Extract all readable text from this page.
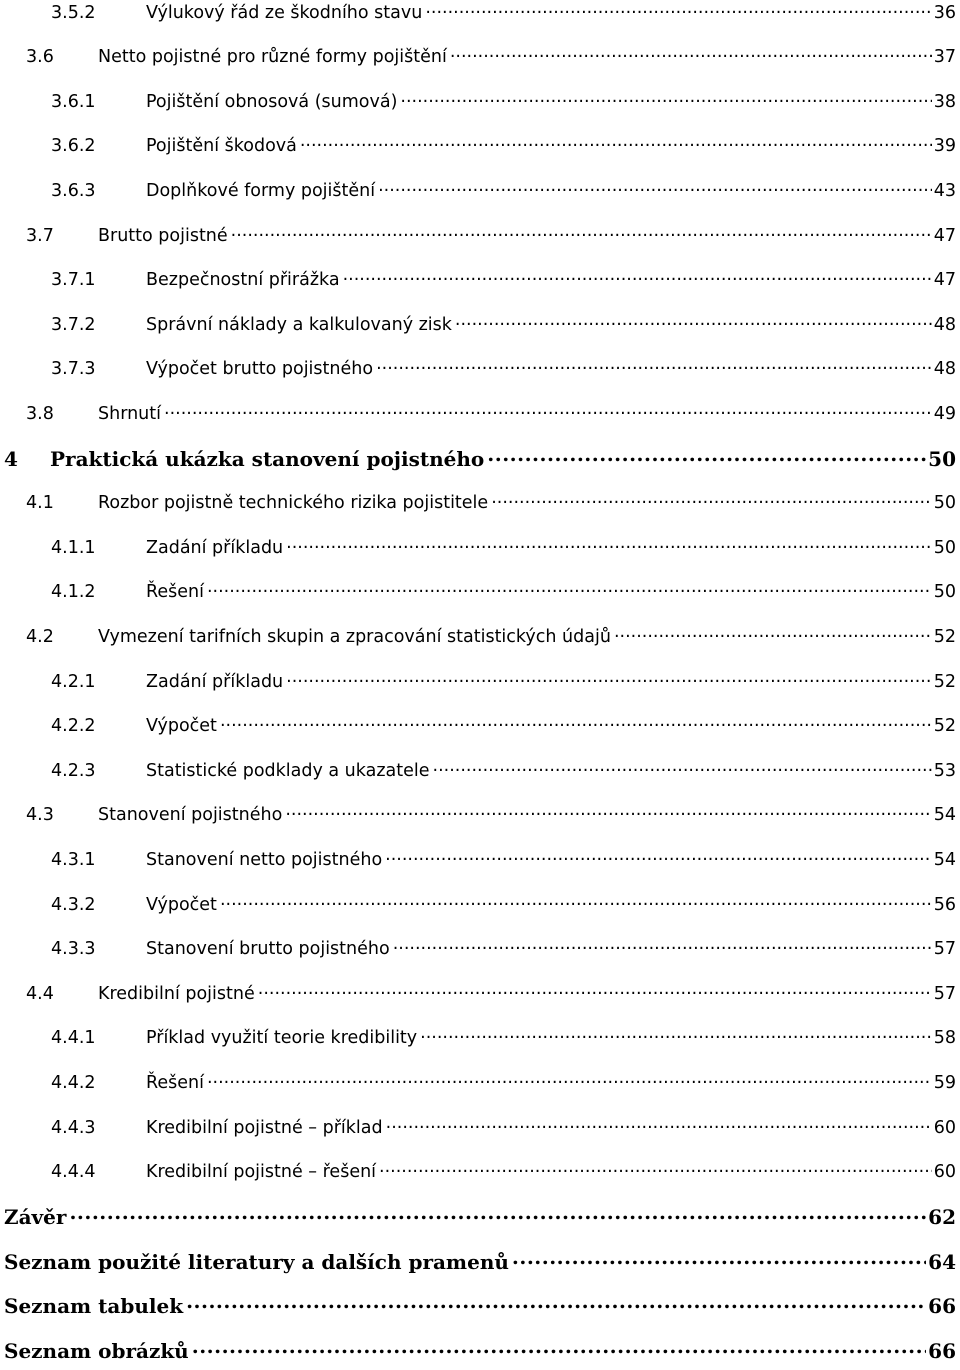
3.5.2	Výlukový řád ze škodního stavu .....	36
3.6	Netto pojistné pro různé formy pojištění .....	37
3.6.1	Pojištění obnosová (sumová) .....	38
3.6.2	Pojištění škodová .....	39
3.6.3	Doplňkové formy pojištění .....	43
3.7	Brutto pojistné .....	47
3.7.1	Bezpečnostní přirážka .....	47
3.7.2	Správní náklady a kalkulovaný zisk .....	48
3.7.3	Výpočet brutto pojistného .....	48
3.8	Shrnutí .....	49
4	Praktická ukázka stanovení pojistného .....	50
4.1	Rozbor pojistně technického rizika pojistitele .....	50
4.1.1	Zadání příkladu .....	50
4.1.2	Řešení .....	50
4.2	Vymezení tarifních skupin a zpracování statistických údajů .....	52
4.2.1	Zadání příkladu .....	52
4.2.2	Výpočet .....	52
4.2.3	Statistické podklady a ukazatele .....	53
4.3	Stanovení pojistného .....	54
4.3.1	Stanovení netto pojistného .....	54
4.3.2	Výpočet .....	56
4.3.3	Stanovení brutto pojistného .....	57
4.4	Kredibilní pojistné .....	57
4.4.1	Příklad využití teorie kredibility .....	58
4.4.2	Řešení .....	59
4.4.3	Kredibilní pojistné – příklad .....	60
4.4.4	Kredibilní pojistné – řešení .....	60
Závěr .....	62
Seznam použité literatury a dalších pramenů .....	64
Seznam tabulek .....	66
Seznam obrázků .....	66
